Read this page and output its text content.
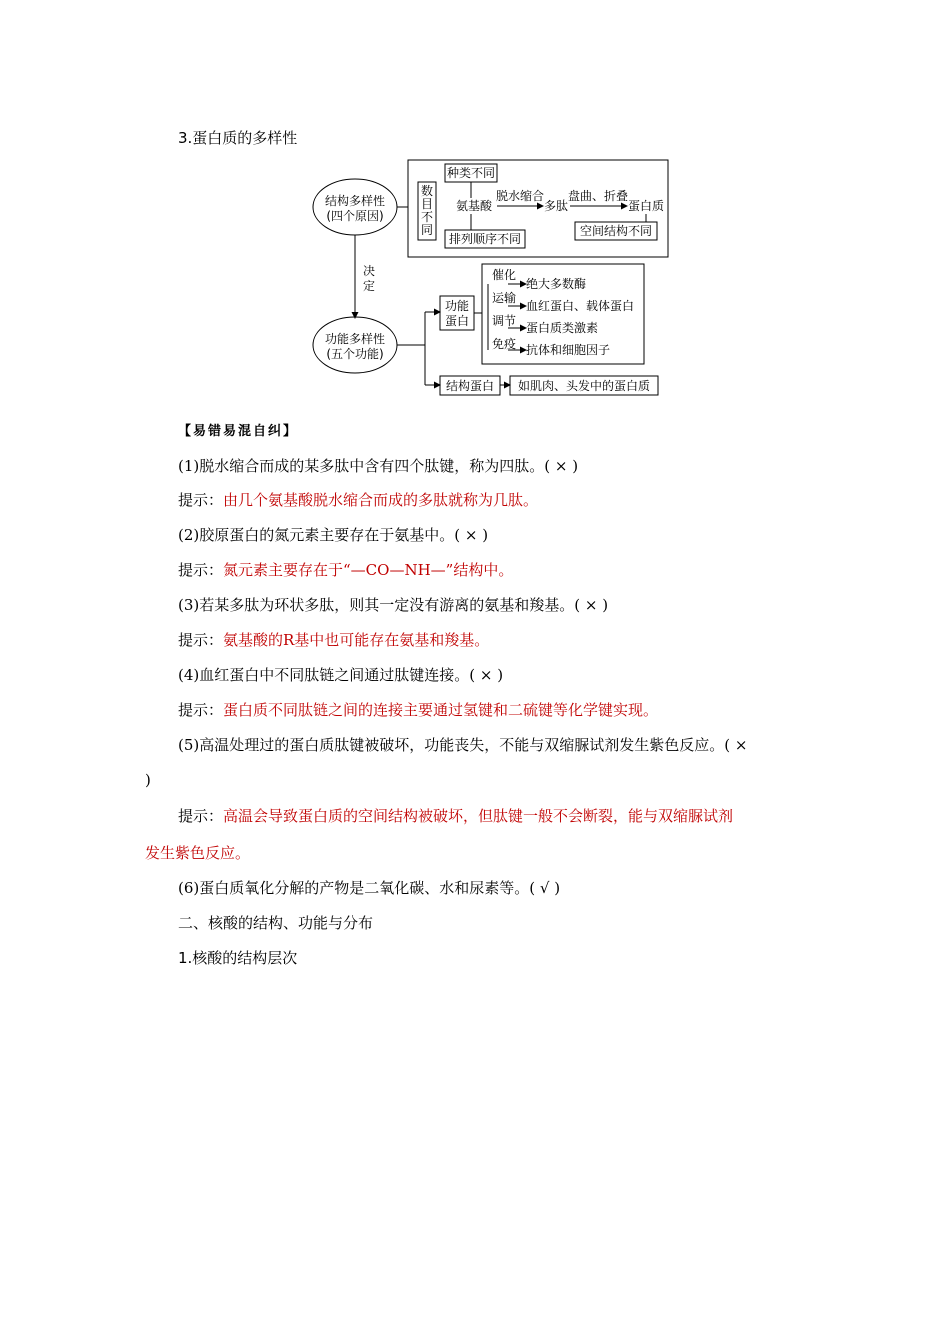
3.蛋白质的多样性
结构多样性
(四个原因)
数
目
不
同
种类不同
氨基酸
排列顺序不同
脱水缩合
多肽
盘曲、折叠
蛋白质
空间结构不同
决
定
功能多样性
(五个功能)
功能
蛋白
催化
绝大多数酶
运输
血红蛋白、载体蛋白
调节 蛋白质类激素
免疫 抗体和细胞因子
结构蛋白 如肌肉、头发中的蛋白质
【易错易混自纠】
(1)脱水缩合而成的某多肽中含有四个肽键，称为四肽。( × )
提示：由几个氨基酸脱水缩合而成的多肽就称为几肽。
(2)胶原蛋白的氮元素主要存在于氨基中。( × )
提示：氮元素主要存在于“—CO—NH—”结构中。
(3)若某多肽为环状多肽，则其一定没有游离的氨基和羧基。( × )
提示：氨基酸的R基中也可能存在氨基和羧基。
(4)血红蛋白中不同肽链之间通过肽键连接。( × )
提示：蛋白质不同肽链之间的连接主要通过氢键和二硫键等化学键实现。
(5)高温处理过的蛋白质肽键被破坏，功能丧失，不能与双缩脲试剂发生紫色反应。( ×
)
提示：高温会导致蛋白质的空间结构被破坏，但肽键一般不会断裂，能与双缩脲试剂
发生紫色反应。
(6)蛋白质氧化分解的产物是二氧化碳、水和尿素等。( √ )
二、核酸的结构、功能与分布
1.核酸的结构层次
